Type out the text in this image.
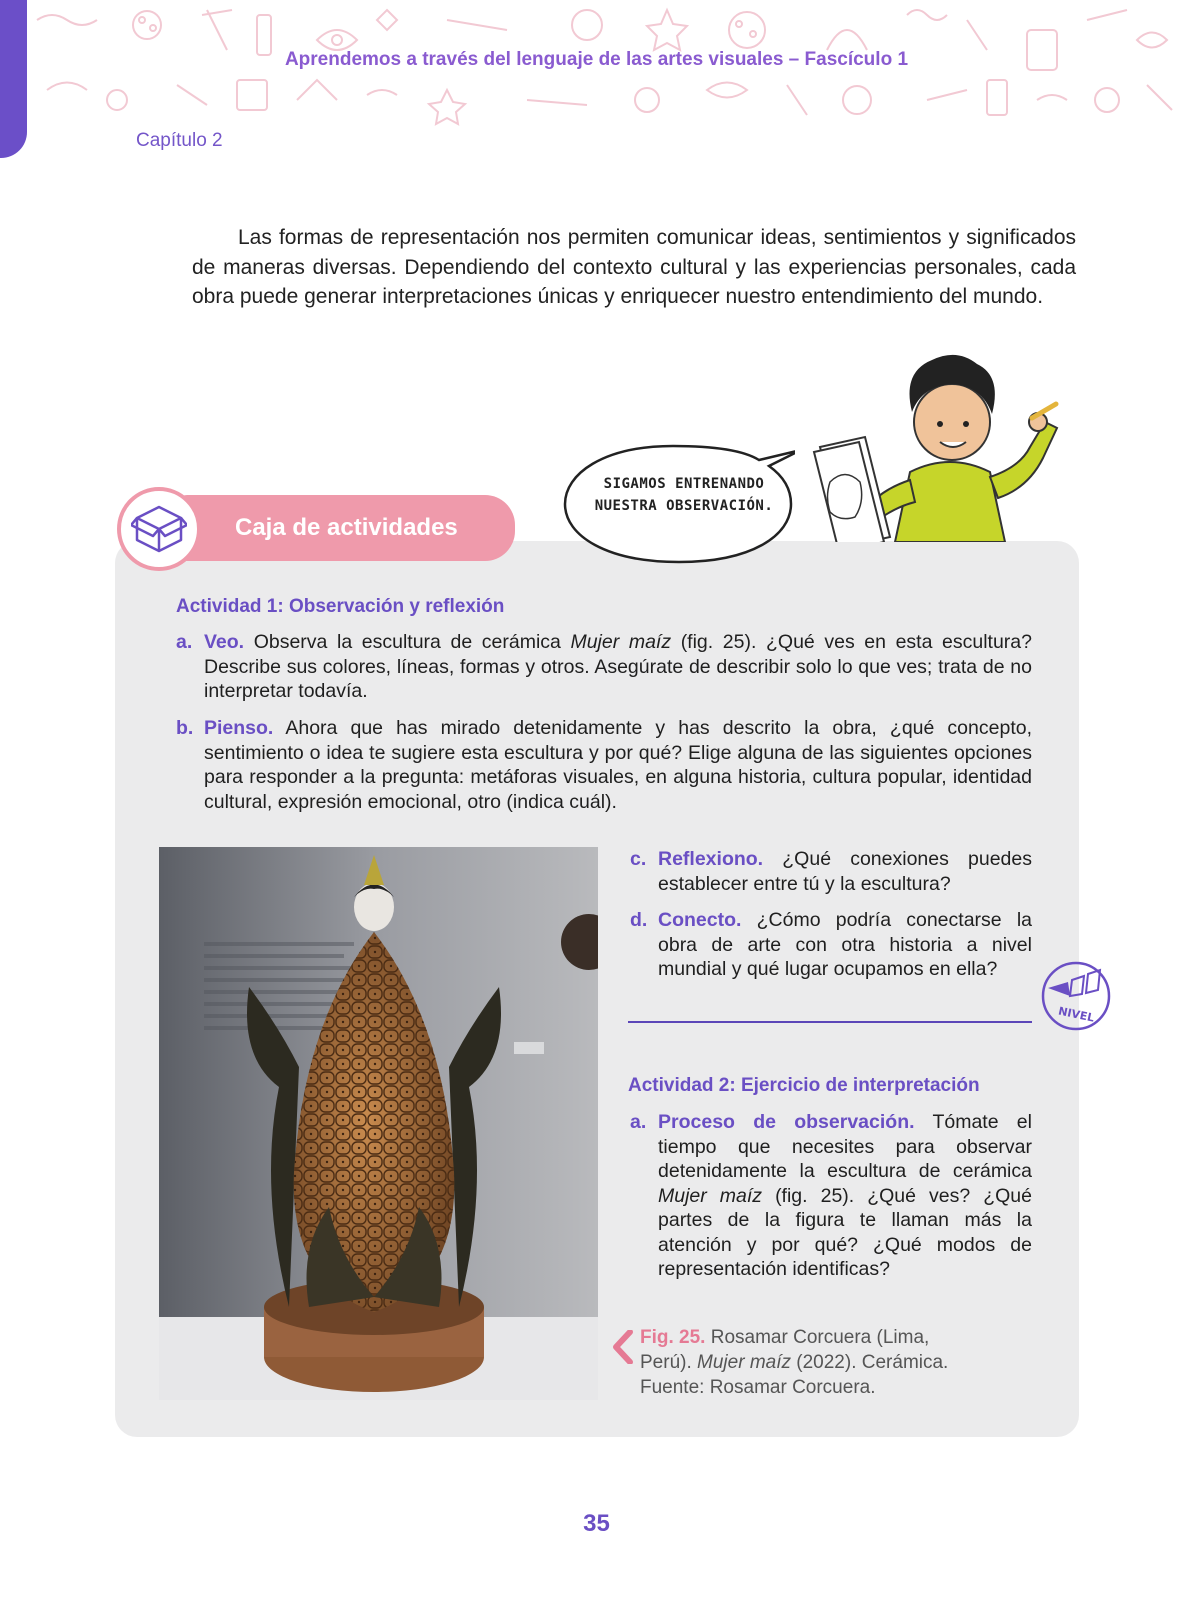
Aprendemos a través del lenguaje de las artes visuales – Fascículo 1
Capítulo 2
Las formas de representación nos permiten comunicar ideas, sentimientos y significados de maneras diversas. Dependiendo del contexto cultural y las experiencias personales, cada obra puede generar interpretaciones únicas y enriquecer nuestro entendimiento del mundo.
Caja de actividades
SIGAMOS ENTRENANDO
NUESTRA OBSERVACIÓN.
Actividad 1: Observación y reflexión
a. Veo. Observa la escultura de cerámica Mujer maíz (fig. 25). ¿Qué ves en esta escultura? Describe sus colores, líneas, formas y otros. Asegúrate de describir solo lo que ves; trata de no interpretar todavía.
b. Pienso. Ahora que has mirado detenidamente y has descrito la obra, ¿qué concepto, sentimiento o idea te sugiere esta escultura y por qué? Elige alguna de las siguientes opciones para responder a la pregunta: metáforas visuales, en alguna historia, cultura popular, identidad cultural, expresión emocional, otro (indica cuál).
c. Reflexiono. ¿Qué conexiones puedes establecer entre tú y la escultura?
d. Conecto. ¿Cómo podría conectarse la obra de arte con otra historia a nivel mundial y qué lugar ocupamos en ella?
NIVEL
Actividad 2: Ejercicio de interpretación
a. Proceso de observación. Tómate el tiempo que necesites para observar detenidamente la escultura de cerámica Mujer maíz (fig. 25). ¿Qué ves? ¿Qué partes de la figura te llaman más la atención y por qué? ¿Qué modos de representación identificas?
Fig. 25. Rosamar Corcuera (Lima, Perú). Mujer maíz (2022). Cerámica. Fuente: Rosamar Corcuera.
35
